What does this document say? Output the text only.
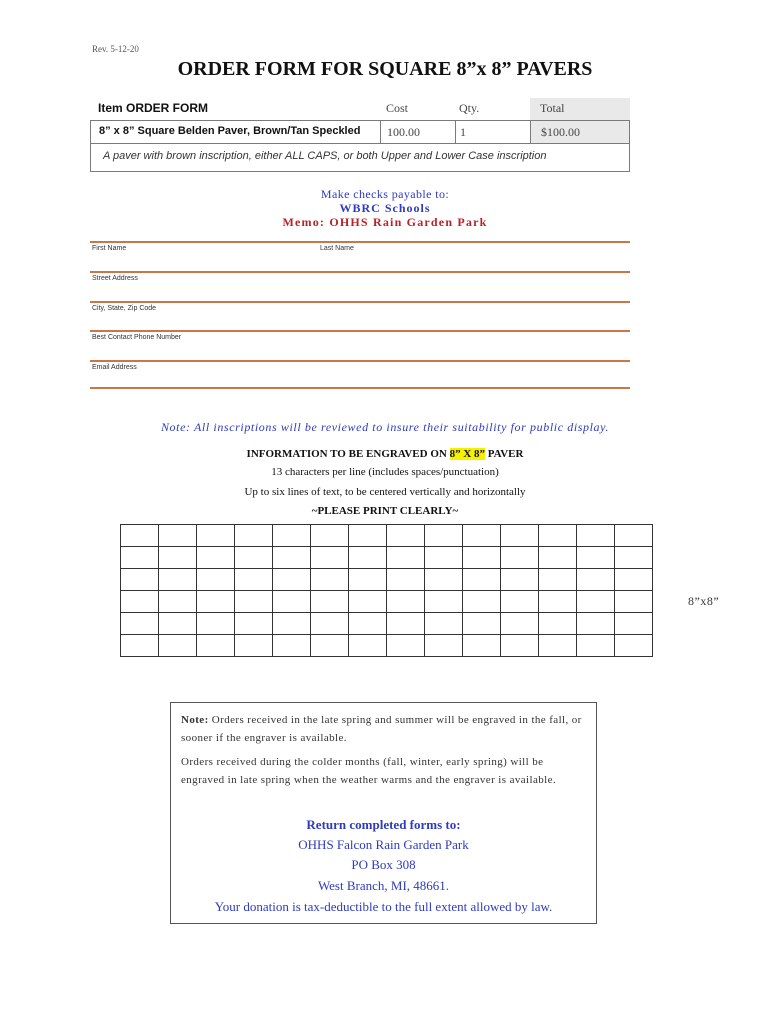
Rev. 5-12-20
ORDER FORM FOR SQUARE 8”x 8” PAVERS
Item ORDER FORM	Cost	Qty.	Total
8” x 8” Square Belden Paver, Brown/Tan Speckled 100.00	1	$100.00
A paver with brown inscription, either ALL CAPS, or both Upper and Lower Case inscription
Make checks payable to:
WBRC Schools
Memo: OHHS Rain Garden Park
First Name	Last Name
Street Address
City, State, Zip Code
Best Contact Phone Number
Email Address
Note: All inscriptions will be reviewed to insure their suitability for public display.
INFORMATION TO BE ENGRAVED ON 8” X 8” PAVER
13 characters per line (includes spaces/punctuation)
Up to six lines of text, to be centered vertically and horizontally
~PLEASE PRINT CLEARLY~

8”x8”
Note: Orders received in the late spring and summer will be engraved in the fall, or sooner if the engraver is available.
Orders received during the colder months (fall, winter, early spring) will be engraved in late spring when the weather warms and the engraver is available.
Return completed forms to:
OHHS Falcon Rain Garden Park
PO Box 308
West Branch, MI, 48661.
Your donation is tax-deductible to the full extent allowed by law.
